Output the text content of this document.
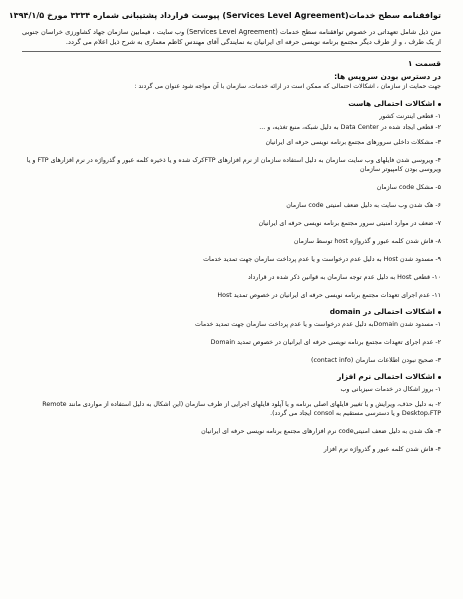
توافقنامه سطح خدمات(Services Level Agreement) پیوست قرارداد پشتیبانی شماره ۳۳۳۴ مورخ ۱۳۹۴/۱/۵

متن ذیل شامل تعهداتی در خصوص توافقنامه سطح خدمات (Services Level Agreement) وب سایت ، فیمابین سازمان جهاد کشاورزی خراسان جنوبی از یک طرف ، و از طرف دیگر مجتمع برنامه نویسی حرفه ای ایرانیان به نمایندگی آقای مهندس کاظم معماری به شرح ذیل اعلام می گردد.

قسمت ۱
در دسترس بودن سرویس ها:
جهت حمایت از سازمان ، اشکالات احتمالی که ممکن است در ارائه خدمات، سازمان با آن مواجه شود عنوان می گردند :
اشکالات احتمالی هاست
۱- قطعی اینترنت کشور
۲- قطعی ایجاد شده در Data Center به دلیل شبکه، منبع تغذیه، و ...
۳- مشکلات داخلی سرورهای مجتمع برنامه نویسی حرفه ای ایرانیان
۴- ویروسی شدن فایلهای وب سایت سازمان به دلیل استفاده سازمان از نرم افزارهای FTPکرک شده و یا ذخیره کلمه عبور و گذرواژه در نرم افزارهای FTP و یا ویروسی بودن کامپیوتر سازمان
۵- مشکل code سازمان
۶- هک شدن وب سایت به دلیل ضعف امنیتی code سازمان
۷- ضعف در موارد امنیتی سرور مجتمع برنامه نویسی حرفه ای ایرانیان
۸- فاش شدن کلمه عبور و گذرواژه host توسط سازمان
۹- مسدود شدن Host به دلیل عدم درخواست و یا عدم پرداخت سازمان جهت تمدید خدمات
۱۰- قطعی Host به دلیل عدم توجه سازمان به قوانین ذکر شده در قرارداد
۱۱- عدم اجرای تعهدات مجتمع برنامه نویسی حرفه ای ایرانیان در خصوص تمدید Host
اشکالات احتمالی در domain
۱- مسدود شدن Domainبه دلیل عدم درخواست و یا عدم پرداخت سازمان جهت تمدید خدمات
۲- عدم اجرای تعهدات مجتمع برنامه نویسی حرفه ای ایرانیان در خصوص تمدید Domain
۳- صحیح نبودن اطلاعات سازمان (contact info)
اشکالات احتمالی نرم افزار
۱- بروز اشکال در خدمات سیزبانی وب
۲- به دلیل حذف، ویرایش و یا تغییر فایلهای اصلی برنامه و یا آپلود فایلهای اجرایی از طرف سازمان (این اشکال به دلیل استفاده از مواردی مانند Remote Desktop،FTP و یا دسترسی مستقیم به consol ایجاد می گردد).
۳- هک شدن به دلیل ضعف امنیتیcode نرم افزارهای مجتمع برنامه نویسی حرفه ای ایرانیان
۴- فاش شدن کلمه عبور و گذرواژه نرم افزار
